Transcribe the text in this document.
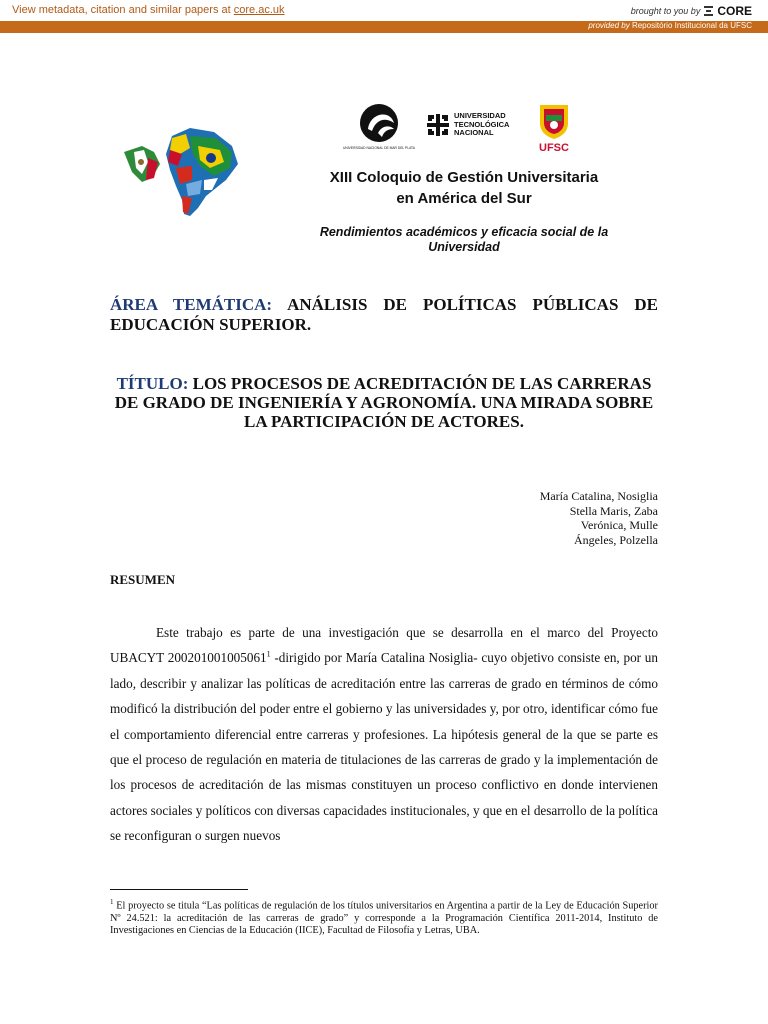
View metadata, citation and similar papers at core.ac.uk	brought to you by CORE
provided by Repositório Institucional da UFSC
UNIVERSIDAD NACIONAL DE MAR DEL PLATA
UNIVERSIDAD
TECNOLÓGICA
NACIONAL
UFSC
XIII Coloquio de Gestión Universitaria
en América del Sur
Rendimientos académicos y eficacia social de la Universidad
ÁREA TEMÁTICA: ANÁLISIS DE POLÍTICAS PÚBLICAS DE EDUCACIÓN SUPERIOR.
TÍTULO: LOS PROCESOS DE ACREDITACIÓN DE LAS CARRERAS DE GRADO DE INGENIERÍA Y AGRONOMÍA. UNA MIRADA SOBRE LA PARTICIPACIÓN DE ACTORES.
María Catalina, Nosiglia
Stella Maris, Zaba
Verónica, Mulle
Ángeles, Polzella
RESUMEN

Este trabajo es parte de una investigación que se desarrolla en el marco del Proyecto UBACYT 200201001005061$^1$ -dirigido por María Catalina Nosiglia- cuyo objetivo consiste en, por un lado, describir y analizar las políticas de acreditación entre las carreras de grado en términos de cómo modificó la distribución del poder entre el gobierno y las universidades y, por otro, identificar cómo fue el comportamiento diferencial entre carreras y profesiones. La hipótesis general de la que se parte es que el proceso de regulación en materia de titulaciones de las carreras de grado y la implementación de los procesos de acreditación de las mismas constituyen un proceso conflictivo en donde intervienen actores sociales y políticos con diversas capacidades institucionales, y que en el desarrollo de la política se reconfiguran o surgen nuevos

$^1$ El proyecto se titula “Las políticas de regulación de los títulos universitarios en Argentina a partir de la Ley de Educación Superior Nº 24.521: la acreditación de las carreras de grado” y corresponde a la Programación Científica 2011-2014, Instituto de Investigaciones en Ciencias de la Educación (IICE), Facultad de Filosofía y Letras, UBA.
